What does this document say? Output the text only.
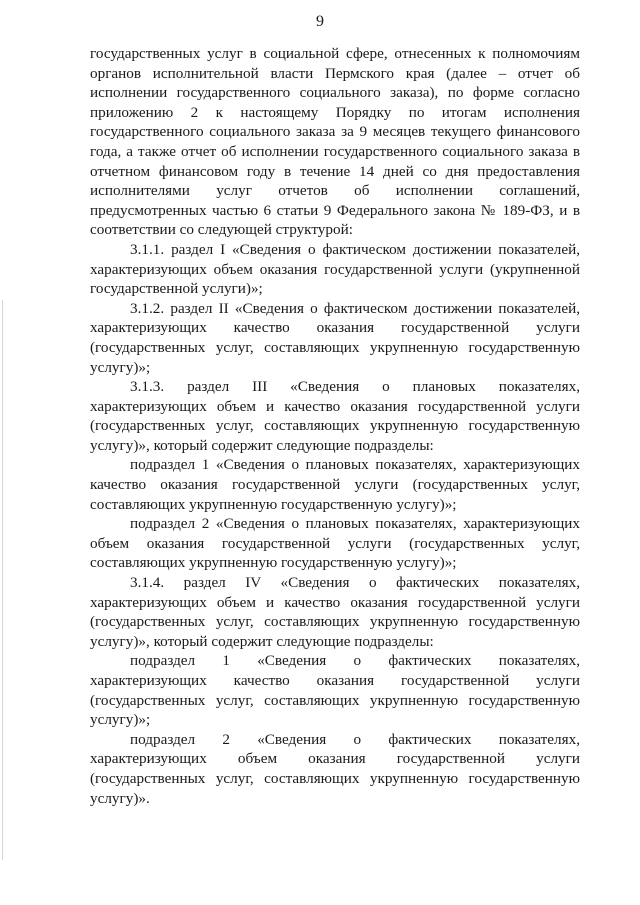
9

государственных услуг в социальной сфере, отнесенных к полномочиям органов исполнительной власти Пермского края (далее – отчет об исполнении государственного социального заказа), по форме согласно приложению 2 к настоящему Порядку по итогам исполнения государственного социального заказа за 9 месяцев текущего финансового года, а также отчет об исполнении государственного социального заказа в отчетном финансовом году в течение 14 дней со дня предоставления исполнителями услуг отчетов об исполнении соглашений, предусмотренных частью 6 статьи 9 Федерального закона № 189-ФЗ, и в соответствии со следующей структурой:

3.1.1. раздел I «Сведения о фактическом достижении показателей, характеризующих объем оказания государственной услуги (укрупненной государственной услуги)»;

3.1.2. раздел II «Сведения о фактическом достижении показателей, характеризующих качество оказания государственной услуги (государственных услуг, составляющих укрупненную государственную услугу)»;

3.1.3. раздел III «Сведения о плановых показателях, характеризующих объем и качество оказания государственной услуги (государственных услуг, составляющих укрупненную государственную услугу)», который содержит следующие подразделы:

подраздел 1 «Сведения о плановых показателях, характеризующих качество оказания государственной услуги (государственных услуг, составляющих укрупненную государственную услугу)»;

подраздел 2 «Сведения о плановых показателях, характеризующих объем оказания государственной услуги (государственных услуг, составляющих укрупненную государственную услугу)»;

3.1.4. раздел IV «Сведения о фактических показателях, характеризующих объем и качество оказания государственной услуги (государственных услуг, составляющих укрупненную государственную услугу)», который содержит следующие подразделы:

подраздел 1 «Сведения о фактических показателях, характеризующих качество оказания государственной услуги (государственных услуг, составляющих укрупненную государственную услугу)»;

подраздел 2 «Сведения о фактических показателях, характеризующих объем оказания государственной услуги (государственных услуг, составляющих укрупненную государственную услугу)».
